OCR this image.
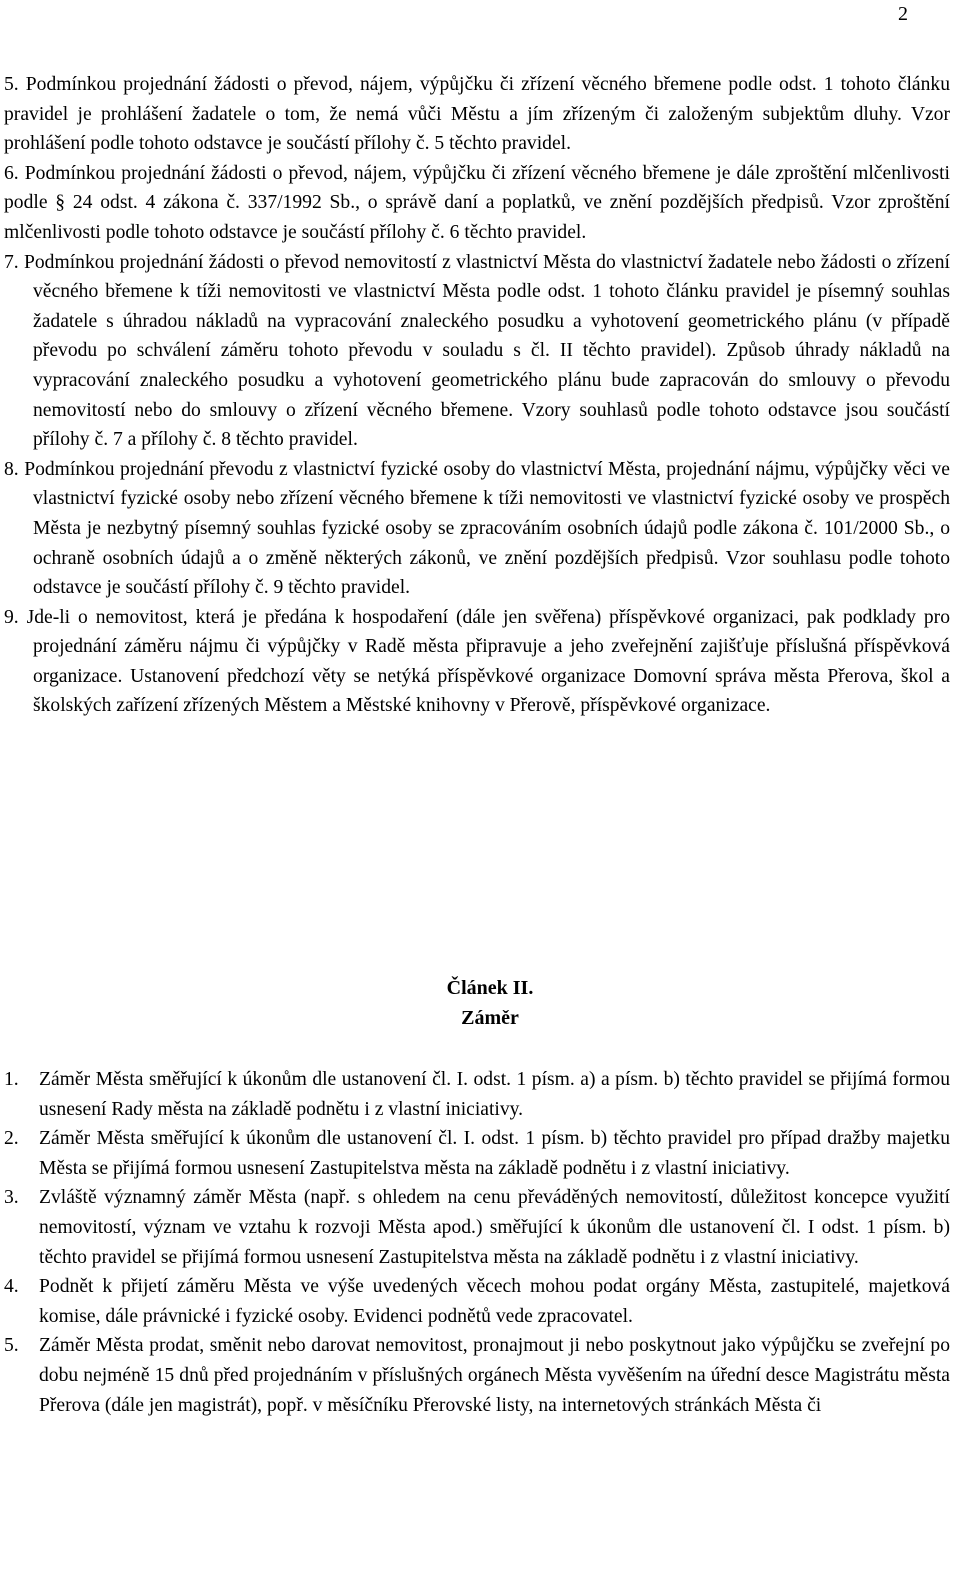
2

5. Podmínkou projednání žádosti o převod, nájem, výpůjčku či zřízení věcného břemene podle odst. 1 tohoto článku pravidel je prohlášení žadatele o tom, že nemá vůči Městu a jím zřízeným či založeným subjektům dluhy. Vzor prohlášení podle tohoto odstavce je součástí přílohy č. 5 těchto pravidel.

6. Podmínkou projednání žádosti o převod, nájem, výpůjčku či zřízení věcného břemene je dále zproštění mlčenlivosti podle § 24 odst. 4 zákona č. 337/1992 Sb., o správě daní a poplatků, ve znění pozdějších předpisů. Vzor zproštění mlčenlivosti podle tohoto odstavce je součástí přílohy č. 6 těchto pravidel.

7. Podmínkou projednání žádosti o převod nemovitostí z vlastnictví Města do vlastnictví žadatele nebo žádosti o zřízení věcného břemene k tíži nemovitosti ve vlastnictví Města podle odst. 1 tohoto článku pravidel je písemný souhlas žadatele s úhradou nákladů na vypracování znaleckého posudku a vyhotovení geometrického plánu (v případě převodu po schválení záměru tohoto převodu v souladu s čl. II těchto pravidel). Způsob úhrady nákladů na vypracování znaleckého posudku a vyhotovení geometrického plánu bude zapracován do smlouvy o převodu nemovitostí nebo do smlouvy o zřízení věcného břemene. Vzory souhlasů podle tohoto odstavce jsou součástí přílohy č. 7 a přílohy č. 8 těchto pravidel.

8. Podmínkou projednání převodu z vlastnictví fyzické osoby do vlastnictví Města, projednání nájmu, výpůjčky věci ve vlastnictví fyzické osoby nebo zřízení věcného břemene k tíži nemovitosti ve vlastnictví fyzické osoby ve prospěch Města je nezbytný písemný souhlas fyzické osoby se zpracováním osobních údajů podle zákona č. 101/2000 Sb., o ochraně osobních údajů a o změně některých zákonů, ve znění pozdějších předpisů. Vzor souhlasu podle tohoto odstavce je součástí přílohy č. 9 těchto pravidel.

9. Jde-li o nemovitost, která je předána k hospodaření (dále jen svěřena) příspěvkové organizaci, pak podklady pro projednání záměru nájmu či výpůjčky v Radě města připravuje a jeho zveřejnění zajišťuje příslušná příspěvková organizace. Ustanovení předchozí věty se netýká příspěvkové organizace Domovní správa města Přerova, škol a školských zařízení zřízených Městem a Městské knihovny v Přerově, příspěvkové organizace.

Článek II.
Záměr

1. Záměr Města směřující k úkonům dle ustanovení čl. I. odst. 1 písm. a) a písm. b) těchto pravidel se přijímá formou usnesení Rady města na základě podnětu i z vlastní iniciativy.

2. Záměr Města směřující k úkonům dle ustanovení čl. I. odst. 1 písm. b) těchto pravidel pro případ dražby majetku Města se přijímá formou usnesení Zastupitelstva města na základě podnětu i z vlastní iniciativy.

3. Zvláště významný záměr Města (např. s ohledem na cenu převáděných nemovitostí, důležitost koncepce využití nemovitostí, význam ve vztahu k rozvoji Města apod.) směřující k úkonům dle ustanovení čl. I odst. 1 písm. b) těchto pravidel se přijímá formou usnesení Zastupitelstva města na základě podnětu i z vlastní iniciativy.

4. Podnět k přijetí záměru Města ve výše uvedených věcech mohou podat orgány Města, zastupitelé, majetková komise, dále právnické i fyzické osoby. Evidenci podnětů vede zpracovatel.

5. Záměr Města prodat, směnit nebo darovat nemovitost, pronajmout ji nebo poskytnout jako výpůjčku se zveřejní po dobu nejméně 15 dnů před projednáním v příslušných orgánech Města vyvěšením na úřední desce Magistrátu města Přerova (dále jen magistrát), popř. v měsíčníku Přerovské listy, na internetových stránkách Města či
